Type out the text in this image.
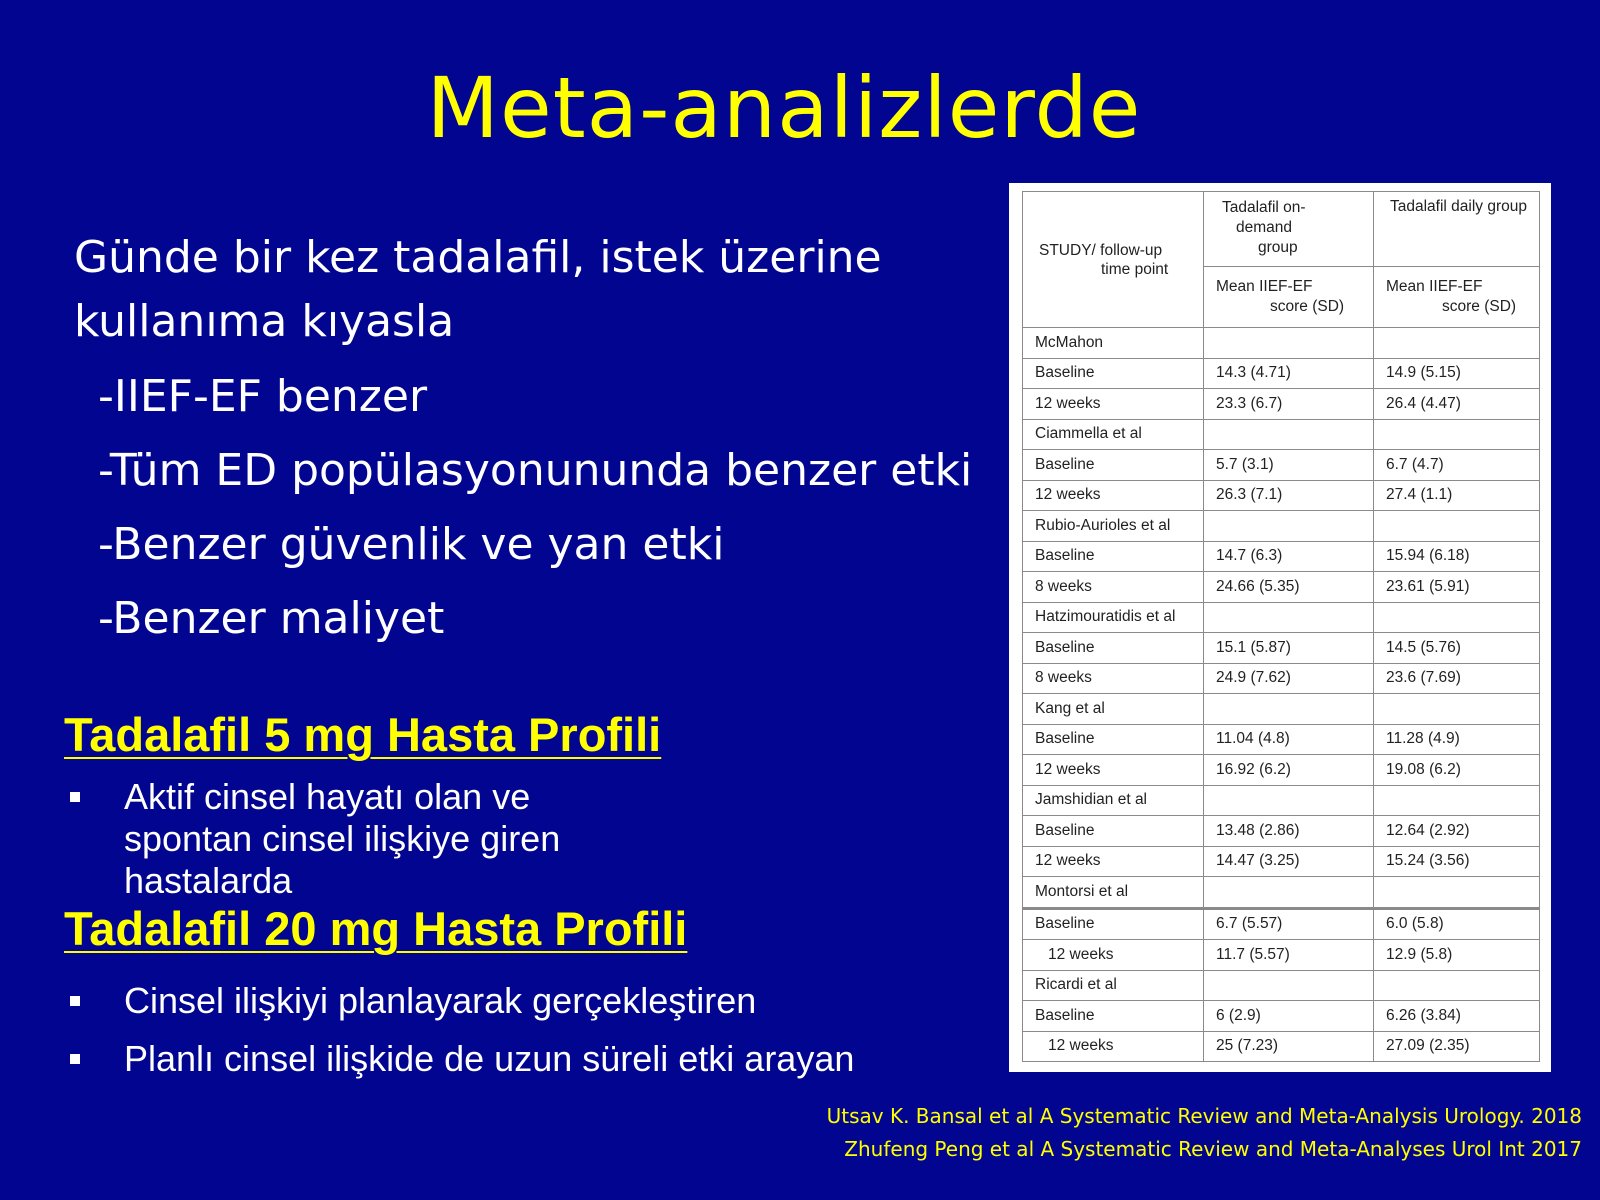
Meta-analizlerde
Günde bir kez tadalafil, istek üzerine
kullanıma kıyasla
-IIEF-EF benzer
-Tüm ED popülasyonununda benzer etki
-Benzer güvenlik ve yan etki
-Benzer maliyet
Tadalafil 5 mg Hasta Profili
Aktif cinsel hayatı olan ve
spontan cinsel ilişkiye giren
hastalarda
Tadalafil 20 mg Hasta Profili
Cinsel ilişkiyi planlayarak gerçekleştiren
Planlı cinsel ilişkide de uzun süreli etki arayan
STUDY/ follow-up
time point	Tadalafil on-
demand
group	Tadalafil daily group

	Mean IIEF-EF
score (SD)	Mean IIEF-EF
score (SD)

McMahon		
Baseline	14.3 (4.71)	14.9 (5.15)
12 weeks	23.3 (6.7)	26.4 (4.47)
Ciammella et al		
Baseline	5.7 (3.1)	6.7 (4.7)
12 weeks	26.3 (7.1)	27.4 (1.1)
Rubio-Aurioles et al		
Baseline	14.7 (6.3)	15.94 (6.18)
8 weeks	24.66 (5.35)	23.61 (5.91)
Hatzimouratidis et al		
Baseline	15.1 (5.87)	14.5 (5.76)
8 weeks	24.9 (7.62)	23.6 (7.69)
Kang et al		
Baseline	11.04 (4.8)	11.28 (4.9)
12 weeks	16.92 (6.2)	19.08 (6.2)
Jamshidian et al		
Baseline	13.48 (2.86)	12.64 (2.92)
12 weeks	14.47 (3.25)	15.24 (3.56)
Montorsi et al		
Baseline	6.7 (5.57)	6.0 (5.8)
12 weeks	11.7 (5.57)	12.9 (5.8)
Ricardi et al		
Baseline	6 (2.9)	6.26 (3.84)
12 weeks	25 (7.23)	27.09 (2.35)
Utsav K. Bansal et al A Systematic Review and Meta-Analysis Urology. 2018
Zhufeng Peng et al A Systematic Review and Meta-Analyses Urol Int 2017
